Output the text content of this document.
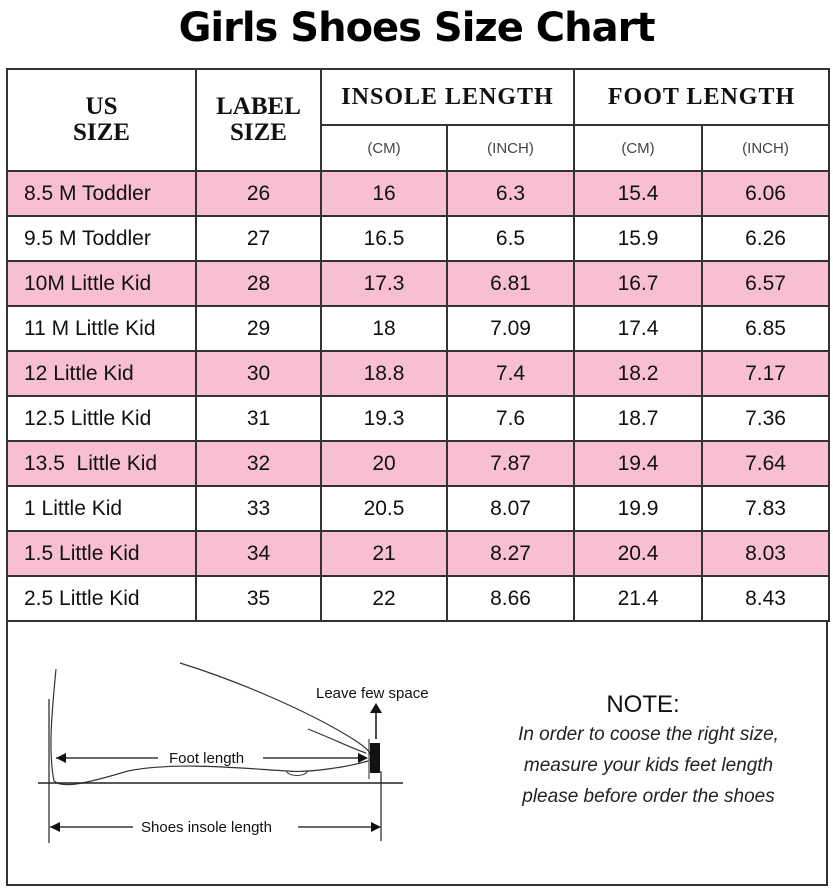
Girls Shoes Size Chart
US SIZE	LABEL SIZE	INSOLE LENGTH		FOOT LENGTH	
		(CM)	(INCH)	(CM)	(INCH)
8.5 M Toddler	26	16	6.3	15.4	6.06
9.5 M Toddler	27	16.5	6.5	15.9	6.26
10M Little Kid	28	17.3	6.81	16.7	6.57
11 M Little Kid	29	18	7.09	17.4	6.85
12 Little Kid	30	18.8	7.4	18.2	7.17
12.5 Little Kid	31	19.3	7.6	18.7	7.36
13.5  Little Kid	32	20	7.87	19.4	7.64
1 Little Kid	33	20.5	8.07	19.9	7.83
1.5 Little Kid	34	21	8.27	20.4	8.03
2.5 Little Kid	35	22	8.66	21.4	8.43
Leave few space
Foot length
Shoes insole length
NOTE:
In order to coose the right size,
measure your kids feet length
please before order the shoes
